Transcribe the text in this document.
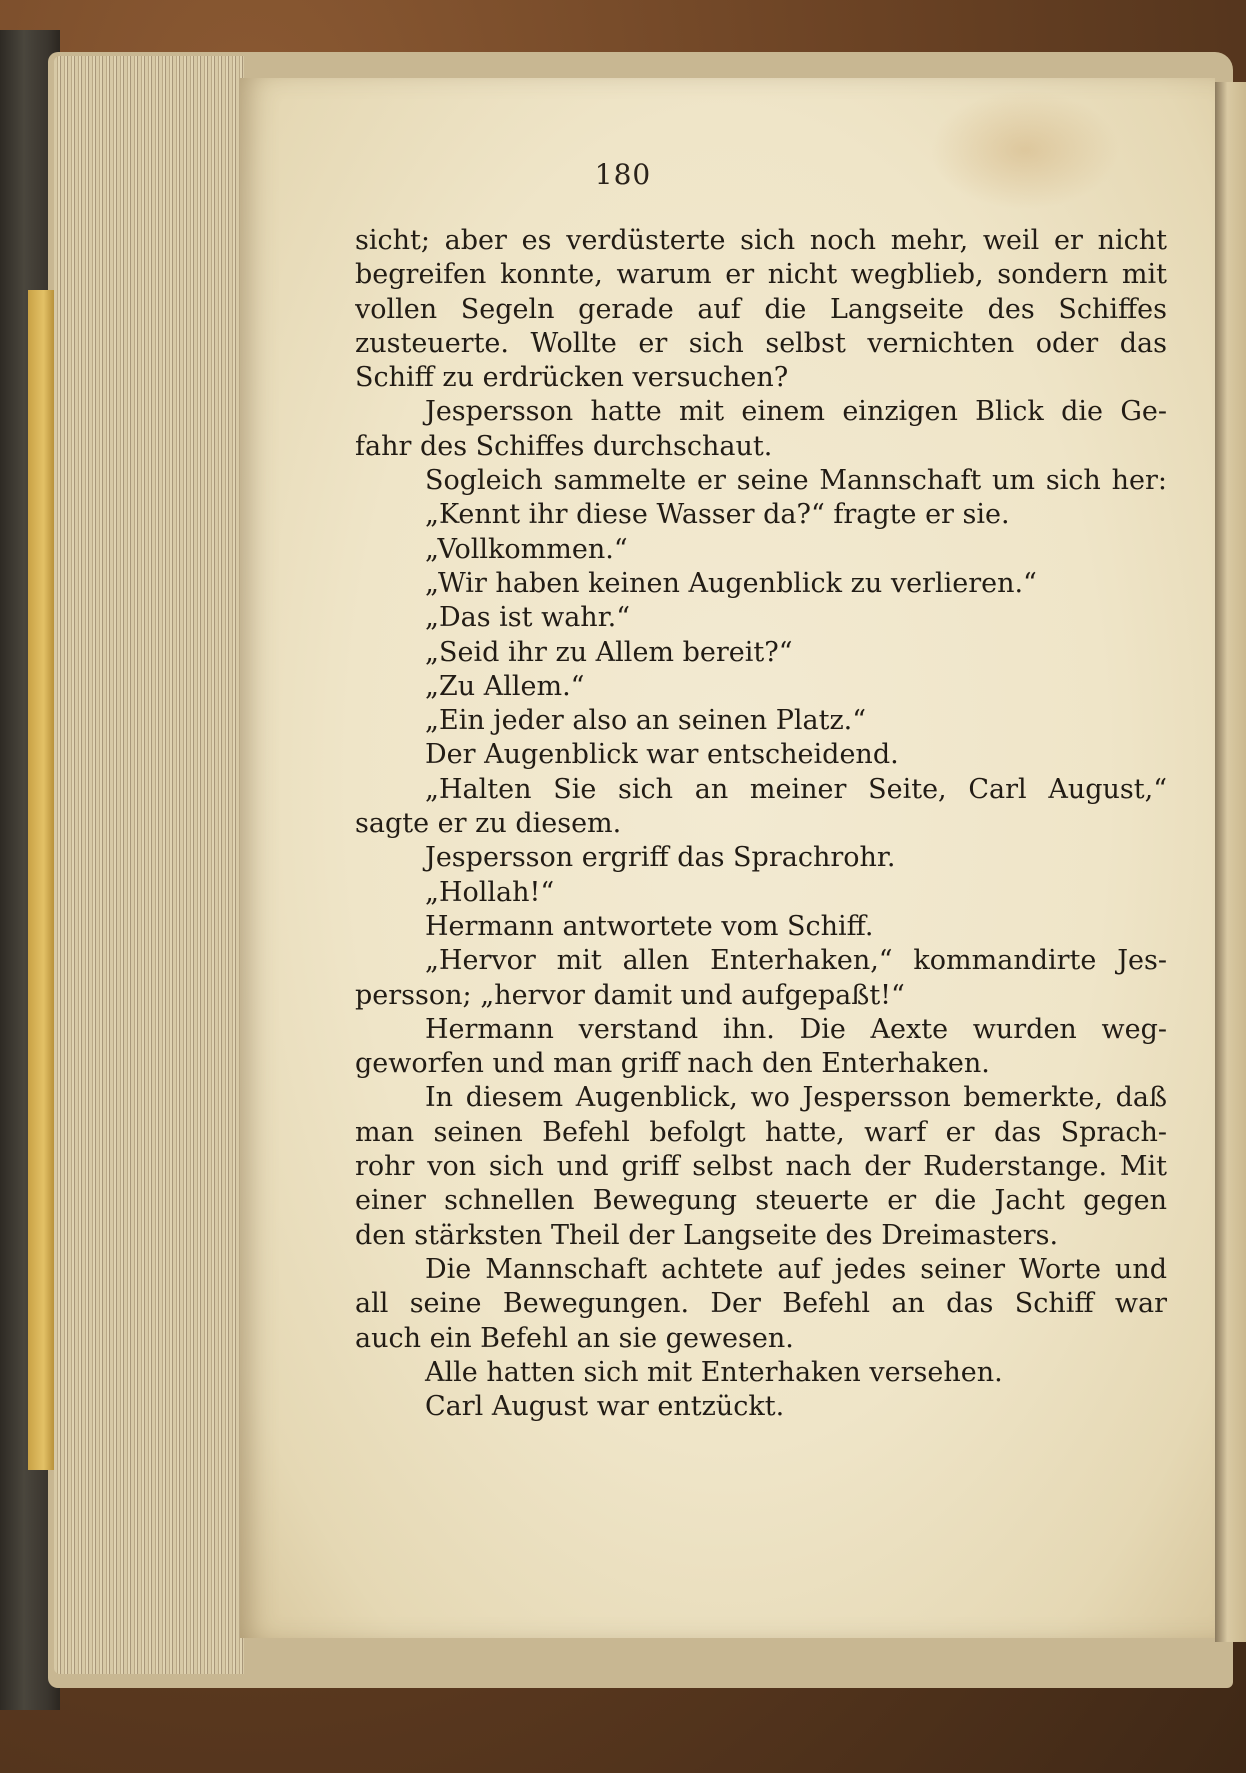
180
sicht; aber es verdüsterte sich noch mehr, weil er nicht
begreifen konnte, warum er nicht wegblieb, sondern mit
vollen Segeln gerade auf die Langseite des Schiffes
zusteuerte. Wollte er sich selbst vernichten oder das
Schiff zu erdrücken versuchen?
Jespersson hatte mit einem einzigen Blick die Ge-
fahr des Schiffes durchschaut.
Sogleich sammelte er seine Mannschaft um sich her:
„Kennt ihr diese Wasser da?“ fragte er sie.
„Vollkommen.“
„Wir haben keinen Augenblick zu verlieren.“
„Das ist wahr.“
„Seid ihr zu Allem bereit?“
„Zu Allem.“
„Ein jeder also an seinen Platz.“
Der Augenblick war entscheidend.
„Halten Sie sich an meiner Seite, Carl August,“
sagte er zu diesem.
Jespersson ergriff das Sprachrohr.
„Hollah!“
Hermann antwortete vom Schiff.
„Hervor mit allen Enterhaken,“ kommandirte Jes-
persson; „hervor damit und aufgepaßt!“
Hermann verstand ihn. Die Aexte wurden weg-
geworfen und man griff nach den Enterhaken.
In diesem Augenblick, wo Jespersson bemerkte, daß
man seinen Befehl befolgt hatte, warf er das Sprach-
rohr von sich und griff selbst nach der Ruderstange. Mit
einer schnellen Bewegung steuerte er die Jacht gegen
den stärksten Theil der Langseite des Dreimasters.
Die Mannschaft achtete auf jedes seiner Worte und
all seine Bewegungen. Der Befehl an das Schiff war
auch ein Befehl an sie gewesen.
Alle hatten sich mit Enterhaken versehen.
Carl August war entzückt.
